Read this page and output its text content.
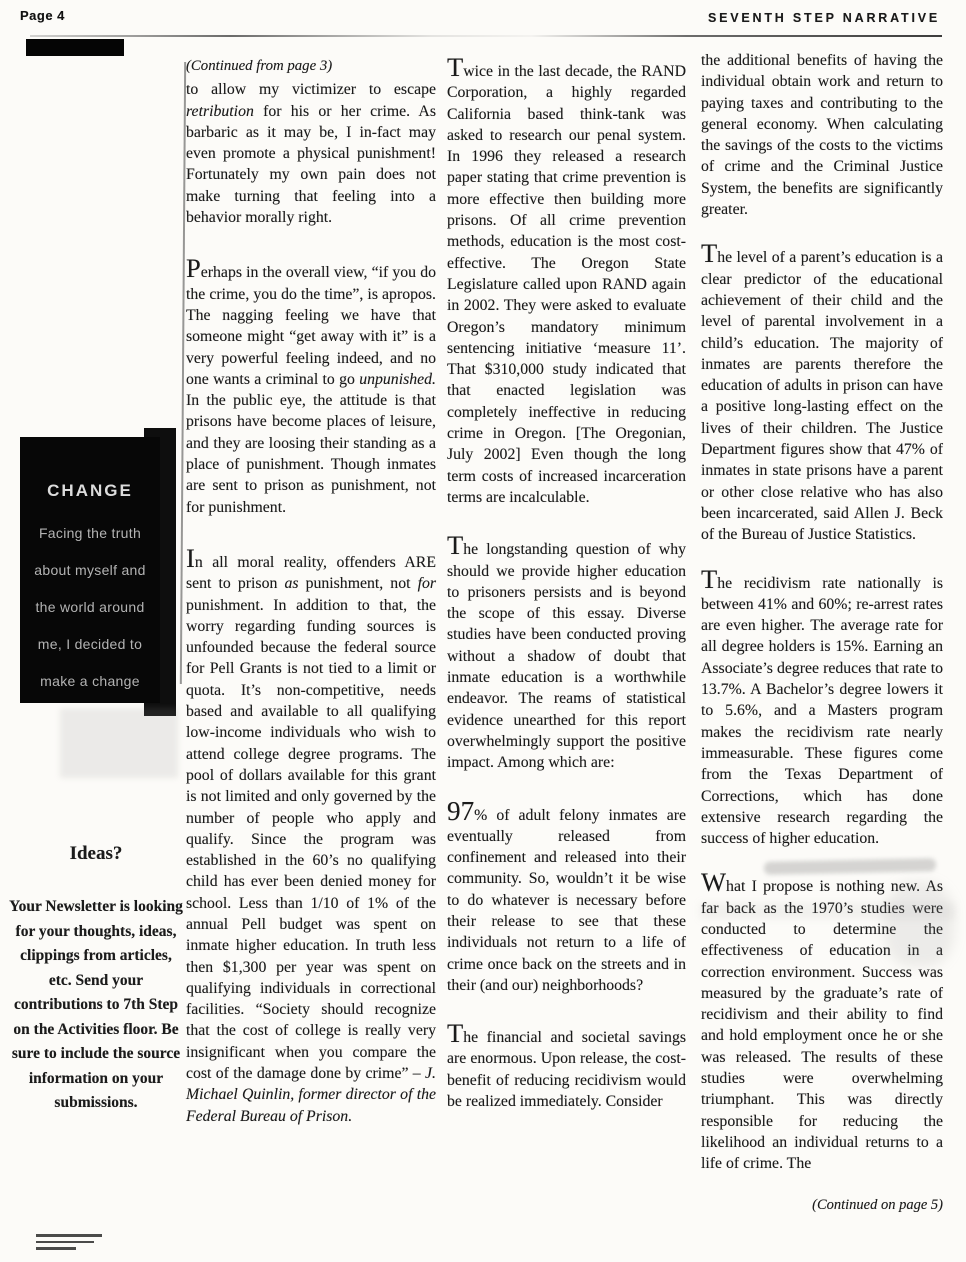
Page 4	SEVENTH STEP NARRATIVE
CHANGE
Facing the truth
about myself and
the world around
me, I decided to
make a change
Ideas?

Your Newsletter is looking for your thoughts, ideas, clippings from articles, etc. Send your contributions to 7th Step on the Activities floor. Be sure to include the source information on your submissions.

(Continued from page 3)

to allow my victimizer to escape retribution for his or her crime. As barbaric as it may be, I in-fact may even promote a physical punishment! Fortunately my own pain does not make turning that feeling into a behavior morally right.

Perhaps in the overall view, “if you do the crime, you do the time”, is apropos. The nagging feeling we have that someone might “get away with it” is a very powerful feeling indeed, and no one wants a criminal to go unpunished. In the public eye, the attitude is that prisons have become places of leisure, and they are loosing their standing as a place of punishment. Though inmates are sent to prison as punishment, not for punishment.

In all moral reality, offenders ARE sent to prison as punishment, not for punishment. In addition to that, the worry regarding funding sources is unfounded because the federal source for Pell Grants is not tied to a limit or quota. It’s non-competitive, needs based and available to all qualifying low-income individuals who wish to attend college degree programs. The pool of dollars available for this grant is not limited and only governed by the number of people who apply and qualify. Since the program was established in the 60’s no qualifying child has ever been denied money for school. Less than 1/10 of 1% of the annual Pell budget was spent on inmate higher education. In truth less then $1,300 per year was spent on qualifying individuals in correctional facilities. “Society should recognize that the cost of college is really very insignificant when you compare the cost of the damage done by crime” – J. Michael Quinlin, former director of the Federal Bureau of Prison.

Twice in the last decade, the RAND Corporation, a highly regarded California based think-tank was asked to research our penal system. In 1996 they released a research paper stating that crime prevention is more effective then building more prisons. Of all crime prevention methods, education is the most cost-effective. The Oregon State Legislature called upon RAND again in 2002. They were asked to evaluate Oregon’s mandatory minimum sentencing initiative ‘measure 11’. That $310,000 study indicated that that enacted legislation was completely ineffective in reducing crime in Oregon. [The Oregonian, July 2002] Even though the long term costs of increased incarceration terms are incalculable.

The longstanding question of why should we provide higher education to prisoners persists and is beyond the scope of this essay. Diverse studies have been conducted proving without a shadow of doubt that inmate education is a worthwhile endeavor. The reams of statistical evidence unearthed for this report overwhelmingly support the positive impact. Among which are:

97% of adult felony inmates are eventually released from confinement and released into their community. So, wouldn’t it be wise to do whatever is necessary before their release to see that these individuals not return to a life of crime once back on the streets and in their (and our) neighborhoods?

The financial and societal savings are enormous. Upon release, the cost-benefit of reducing recidivism would be realized immediately. Consider

the additional benefits of having the individual obtain work and return to paying taxes and contributing to the general economy. When calculating the savings of the costs to the victims of crime and the Criminal Justice System, the benefits are significantly greater.

The level of a parent’s education is a clear predictor of the educational achievement of their child and the level of parental involvement in a child’s education. The majority of inmates are parents therefore the education of adults in prison can have a positive long-lasting effect on the lives of their children. The Justice Department figures show that 47% of inmates in state prisons have a parent or other close relative who has also been incarcerated, said Allen J. Beck of the Bureau of Justice Statistics.

The recidivism rate nationally is between 41% and 60%; re-arrest rates are even higher. The average rate for all degree holders is 15%. Earning an Associate’s degree reduces that rate to 13.7%. A Bachelor’s degree lowers it to 5.6%, and a Masters program makes the recidivism rate nearly immeasurable. These figures come from the Texas Department of Corrections, which has done extensive research regarding the success of higher education.

What I propose is nothing new. As far back as the 1970’s studies were conducted to determine the effectiveness of education in a correction environment. Success was measured by the graduate’s rate of recidivism and their ability to find and hold employment once he or she was released. The results of these studies were overwhelming triumphant. This was directly responsible for reducing the likelihood an individual returns to a life of crime. The

(Continued on page 5)
